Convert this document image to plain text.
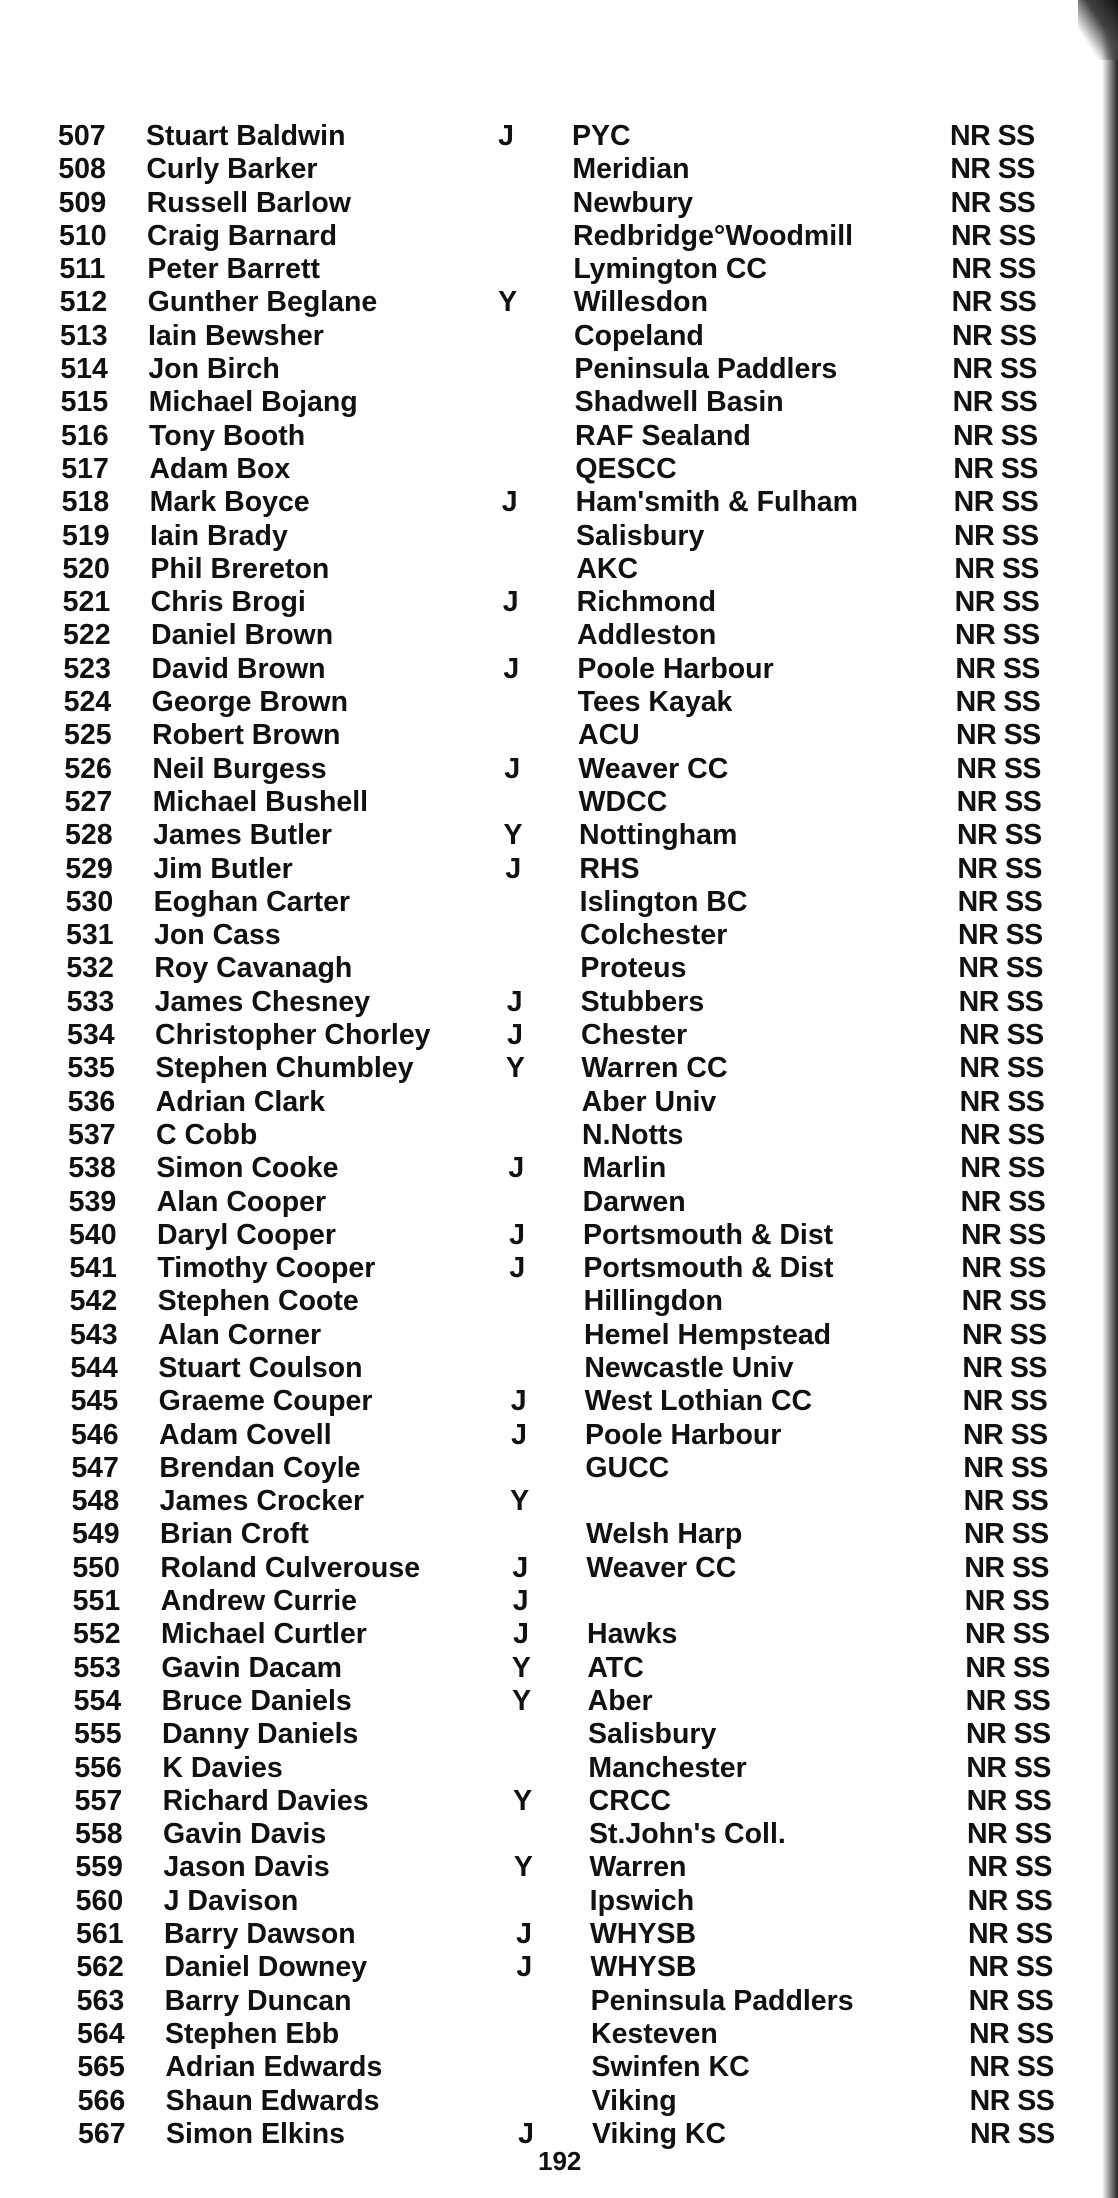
507	Stuart Baldwin	J PYC	NR SS
508	Curly Barker	Meridian	NR SS
509	Russell Barlow	Newbury	NR SS
510	Craig Barnard	Redbridge°Woodmill	NR SS
511	Peter Barrett	Lymington CC	NR SS
512	Gunther Beglane	Y Willesdon	NR SS
513	Iain Bewsher	Copeland	NR SS
514	Jon Birch	Peninsula Paddlers	NR SS
515	Michael Bojang	Shadwell Basin	NR SS
516	Tony Booth	RAF Sealand	NR SS
517	Adam Box	QESCC	NR SS
518	Mark Boyce	J Ham'smith & Fulham	NR SS
519	Iain Brady	Salisbury	NR SS
520	Phil Brereton	AKC	NR SS
521	Chris Brogi	J Richmond	NR SS
522	Daniel Brown	Addleston	NR SS
523	David Brown	J Poole Harbour	NR SS
524	George Brown	Tees Kayak	NR SS
525	Robert Brown	ACU	NR SS
526	Neil Burgess	J Weaver CC	NR SS
527	Michael Bushell	WDCC	NR SS
528	James Butler	Y Nottingham	NR SS
529	Jim Butler	J RHS	NR SS
530	Eoghan Carter	Islington BC	NR SS
531	Jon Cass	Colchester	NR SS
532	Roy Cavanagh	Proteus	NR SS
533	James Chesney	J Stubbers	NR SS
534	Christopher Chorley	J Chester	NR SS
535	Stephen Chumbley	Y Warren CC	NR SS
536	Adrian Clark	Aber Univ	NR SS
537	C Cobb	N.Notts	NR SS
538	Simon Cooke	J Marlin	NR SS
539	Alan Cooper	Darwen	NR SS
540	Daryl Cooper	J Portsmouth & Dist	NR SS
541	Timothy Cooper	J Portsmouth & Dist	NR SS
542	Stephen Coote	Hillingdon	NR SS
543	Alan Corner	Hemel Hempstead	NR SS
544	Stuart Coulson	Newcastle Univ	NR SS
545	Graeme Couper	J West Lothian CC	NR SS
546	Adam Covell	J Poole Harbour	NR SS
547	Brendan Coyle	GUCC	NR SS
548	James Crocker	Y	NR SS
549	Brian Croft	Welsh Harp	NR SS
550	Roland Culverouse	J Weaver CC	NR SS
551	Andrew Currie	J	NR SS
552	Michael Curtler	J Hawks	NR SS
553	Gavin Dacam	Y ATC	NR SS
554	Bruce Daniels	Y Aber	NR SS
555	Danny Daniels	Salisbury	NR SS
556	K Davies	Manchester	NR SS
557	Richard Davies	Y CRCC	NR SS
558	Gavin Davis	St.John's Coll.	NR SS
559	Jason Davis	Y Warren	NR SS
560	J Davison	Ipswich	NR SS
561	Barry Dawson	J WHYSB	NR SS
562	Daniel Downey	J WHYSB	NR SS
563	Barry Duncan	Peninsula Paddlers	NR SS
564	Stephen Ebb	Kesteven	NR SS
565	Adrian Edwards	Swinfen KC	NR SS
566	Shaun Edwards	Viking	NR SS
567	Simon Elkins	J Viking KC	NR SS
192
